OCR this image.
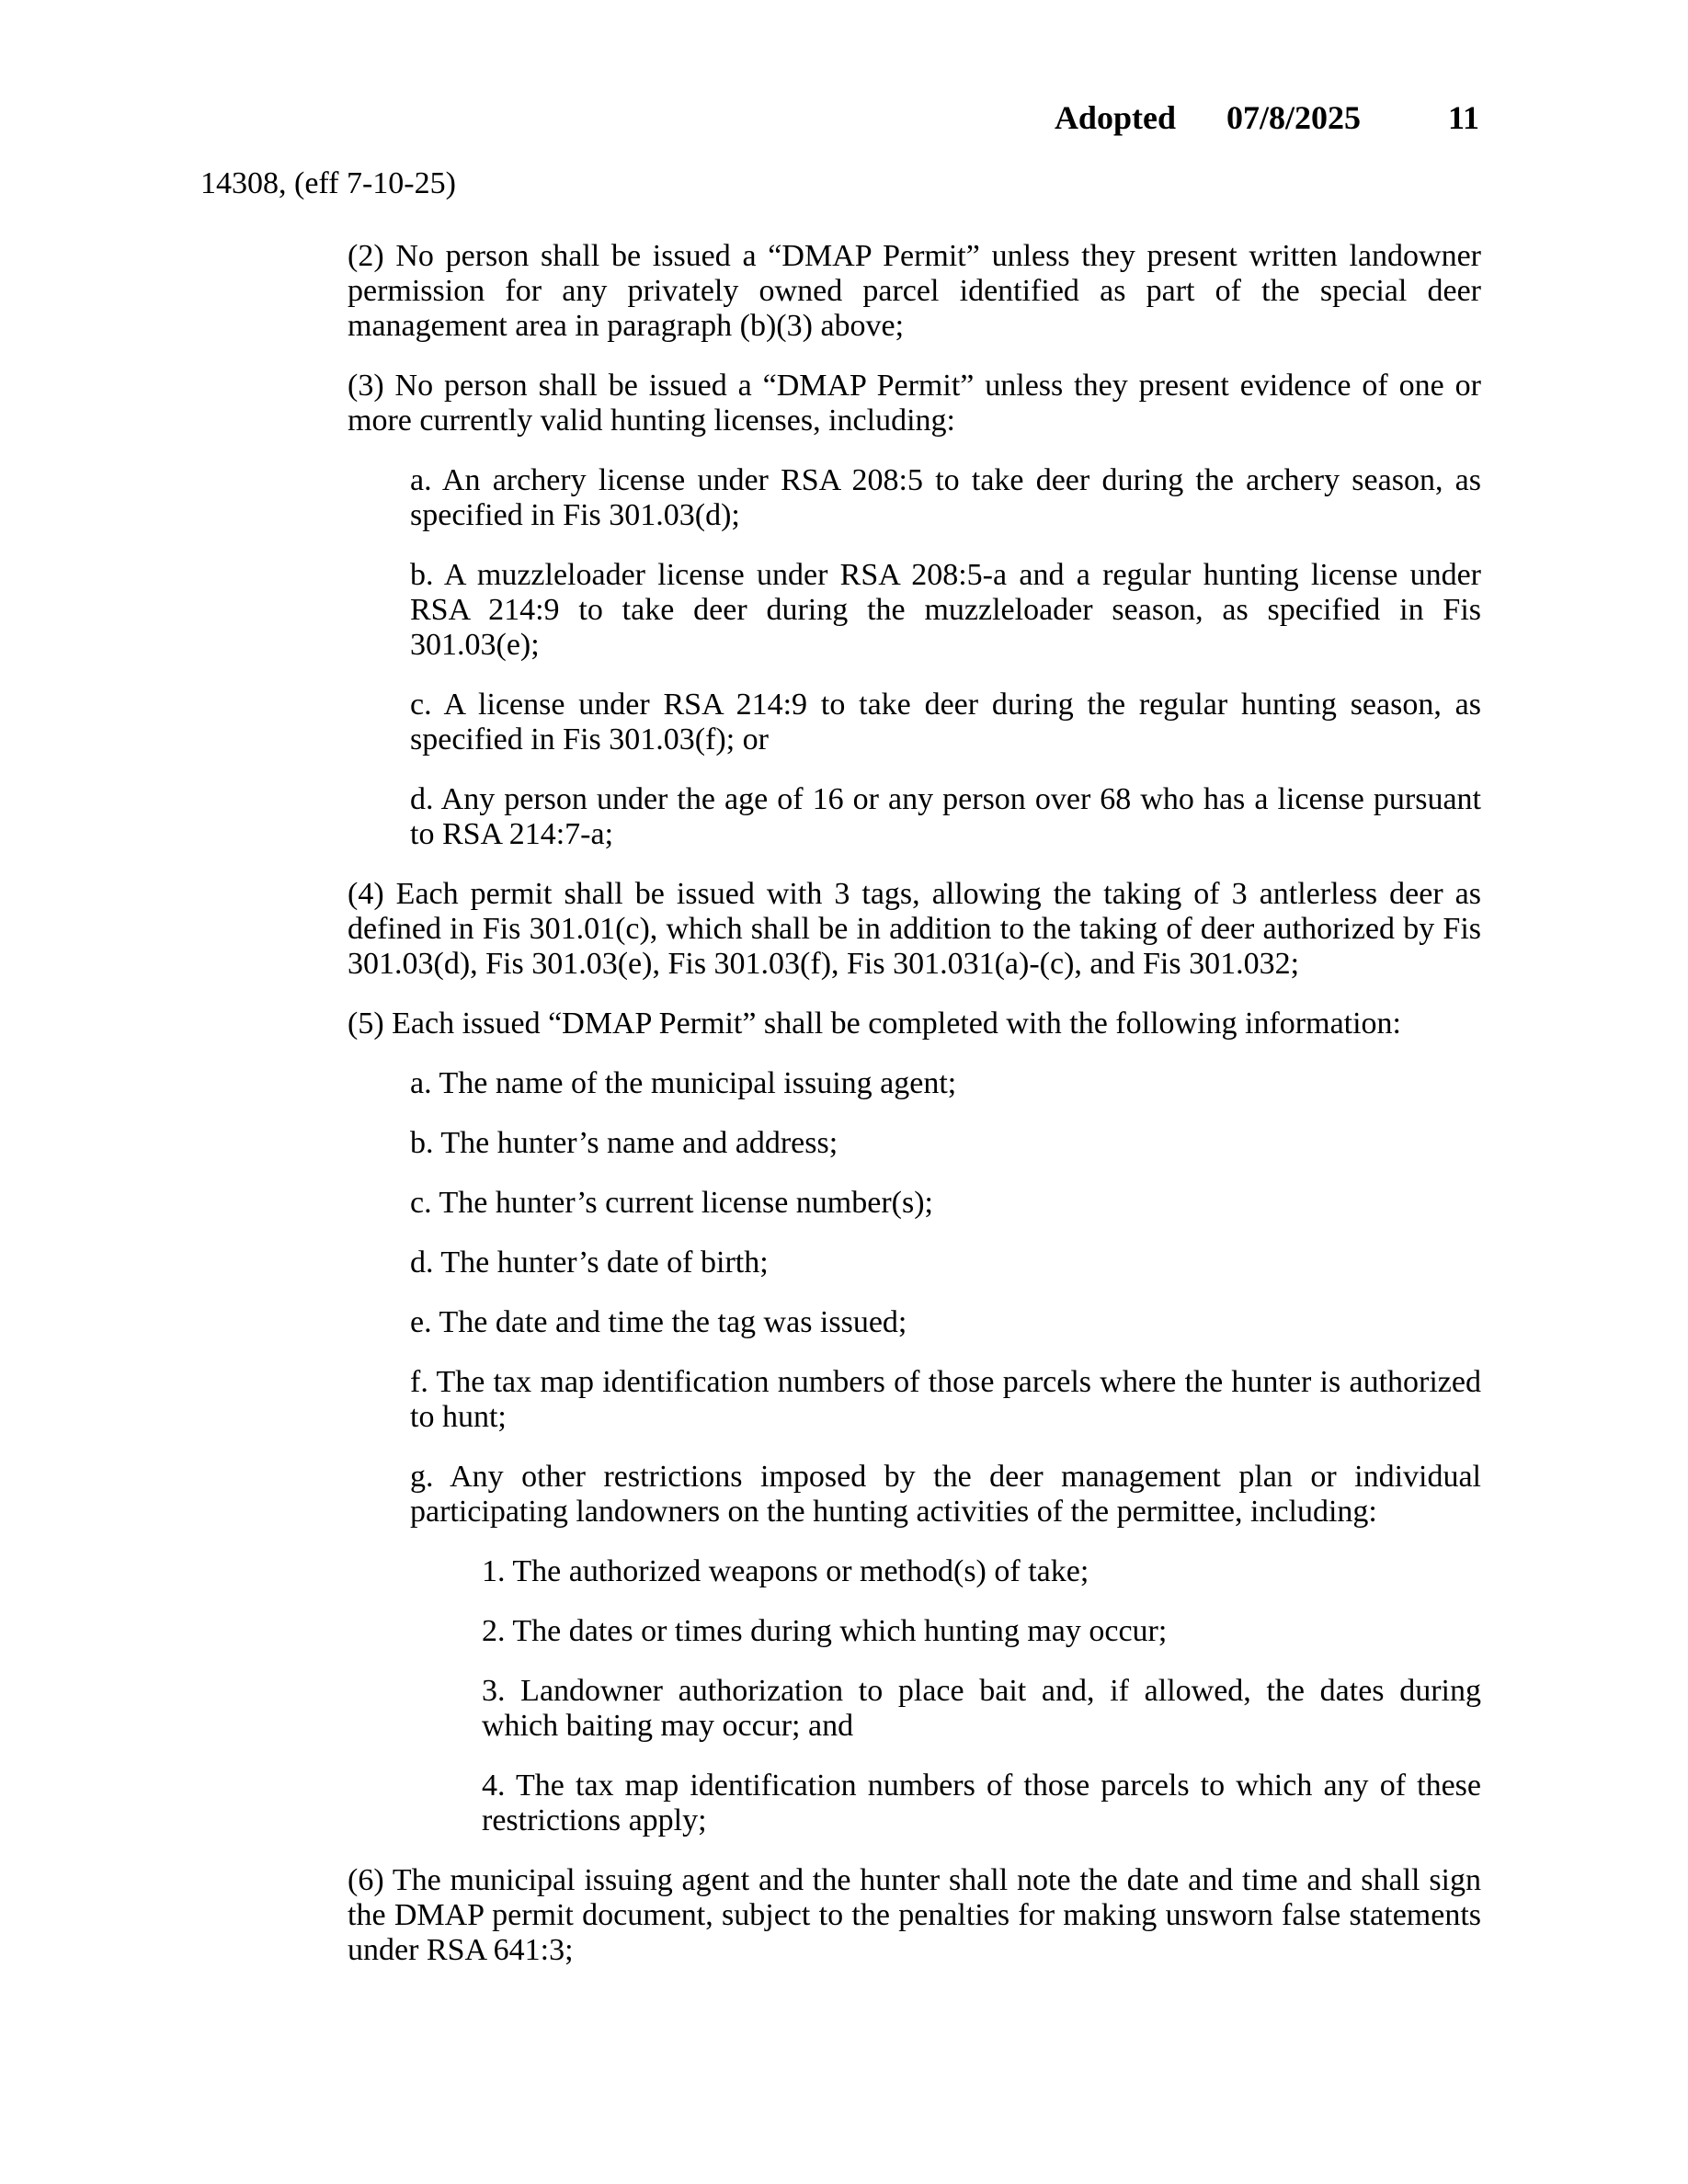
Adopted 07/8/2025	11
14308, (eff 7-10-25)

(2) No person shall be issued a “DMAP Permit” unless they present written landowner permission for any privately owned parcel identified as part of the special deer management area in paragraph (b)(3) above;

(3) No person shall be issued a “DMAP Permit” unless they present evidence of one or more currently valid hunting licenses, including:

a. An archery license under RSA 208:5 to take deer during the archery season, as specified in Fis 301.03(d);

b. A muzzleloader license under RSA 208:5-a and a regular hunting license under RSA 214:9 to take deer during the muzzleloader season, as specified in Fis 301.03(e);

c. A license under RSA 214:9 to take deer during the regular hunting season, as specified in Fis 301.03(f); or

d. Any person under the age of 16 or any person over 68 who has a license pursuant to RSA 214:7-a;

(4) Each permit shall be issued with 3 tags, allowing the taking of 3 antlerless deer as defined in Fis 301.01(c), which shall be in addition to the taking of deer authorized by Fis 301.03(d), Fis 301.03(e), Fis 301.03(f), Fis 301.031(a)-(c), and Fis 301.032;

(5) Each issued “DMAP Permit” shall be completed with the following information:

a. The name of the municipal issuing agent;

b. The hunter’s name and address;

c. The hunter’s current license number(s);

d. The hunter’s date of birth;

e. The date and time the tag was issued;

f. The tax map identification numbers of those parcels where the hunter is authorized to hunt;

g. Any other restrictions imposed by the deer management plan or individual participating landowners on the hunting activities of the permittee, including:

1. The authorized weapons or method(s) of take;

2. The dates or times during which hunting may occur;

3. Landowner authorization to place bait and, if allowed, the dates during which baiting may occur; and

4. The tax map identification numbers of those parcels to which any of these restrictions apply;

(6) The municipal issuing agent and the hunter shall note the date and time and shall sign the DMAP permit document, subject to the penalties for making unsworn false statements under RSA 641:3;
